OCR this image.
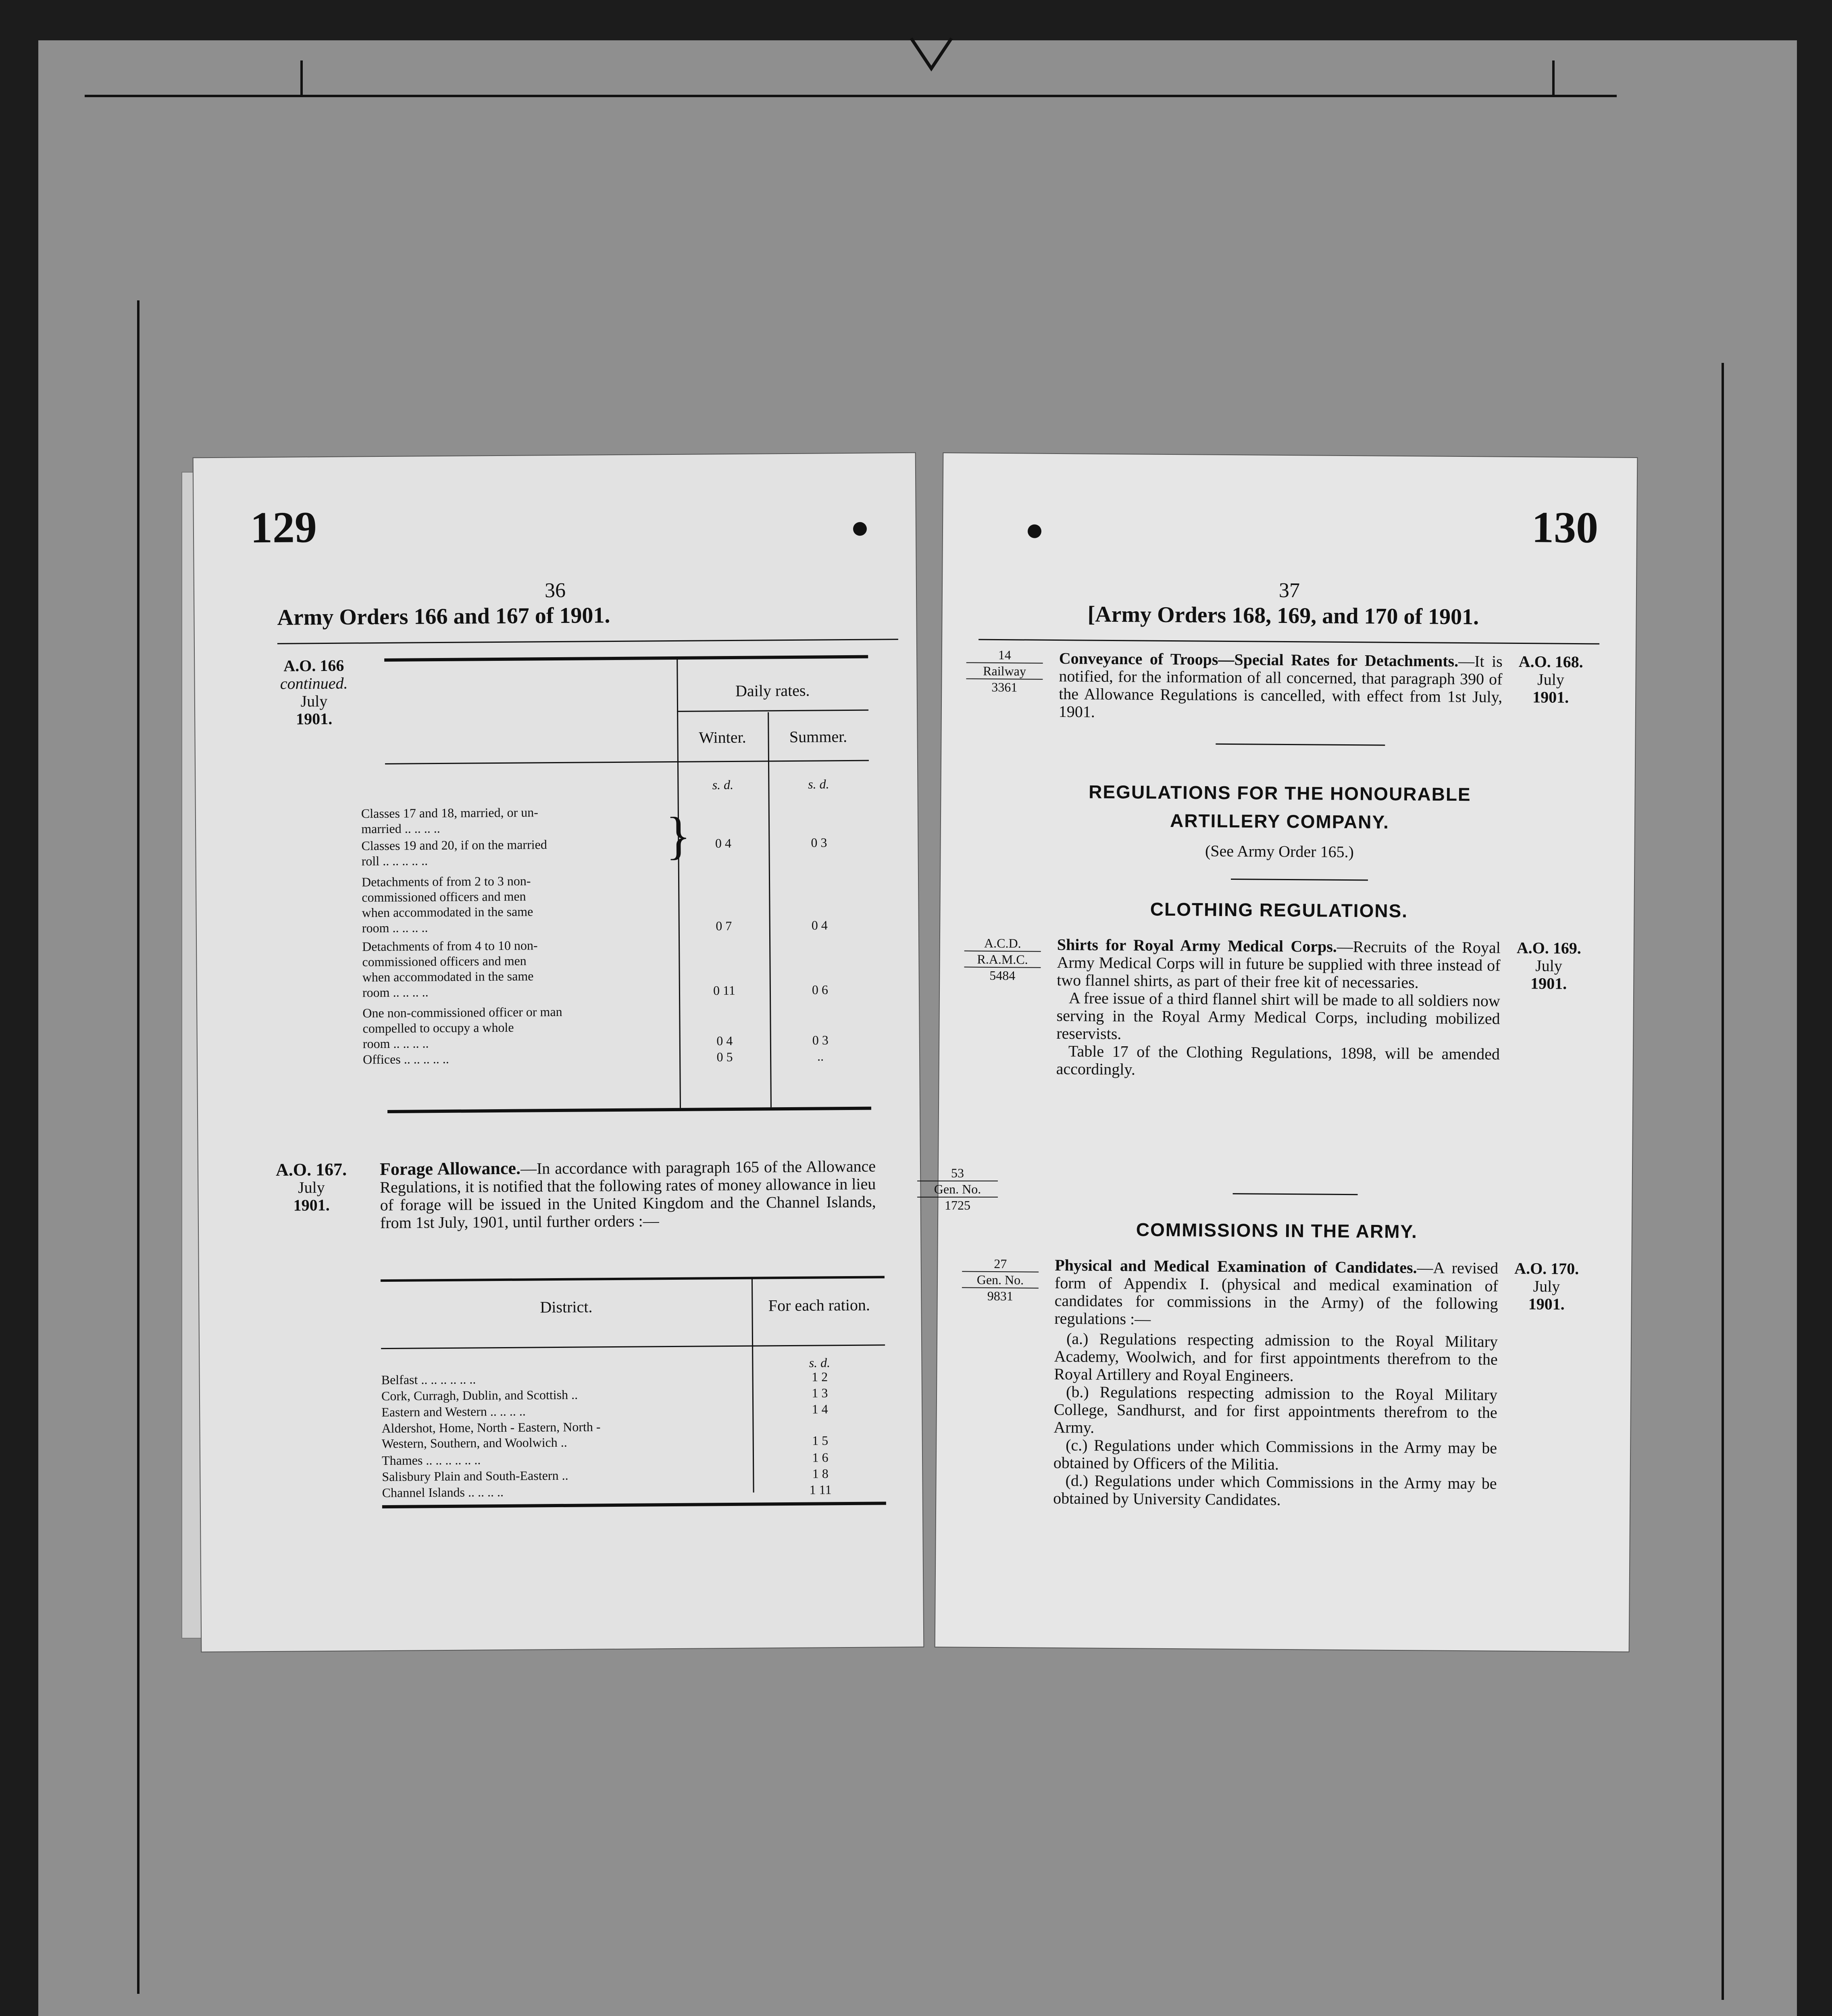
129
36
Army Orders 166 and 167 of 1901.
A.O. 166
continued.
July
1901.
Daily rates.
Winter.	Summer.
s. d.	s. d.
Classes 17 and 18, married, or un-
married .. .. .. ..
Classes 19 and 20, if on the married
roll .. .. .. .. ..	}	0 4	0 3
Detachments of from 2 to 3 non-
commissioned officers and men
when accommodated in the same
room .. .. .. ..	0 7	0 4
Detachments of from 4 to 10 non-
commissioned officers and men
when accommodated in the same
room .. .. .. ..	0 11	0 6
One non-commissioned officer or man
compelled to occupy a whole
room .. .. .. ..	0 4	0 3
Offices .. .. .. .. ..	0 5	..
A.O. 167.
July
1901.

Forage Allowance.—In accordance with paragraph 165 of the Allowance Regulations, it is notified that the following rates of money allowance in lieu of forage will be issued in the United Kingdom and the Channel Islands, from 1st July, 1901, until further orders :—

District.	For each ration.
s. d.
Belfast .. .. .. .. .. ..	1 2
Cork, Curragh, Dublin, and Scottish ..	1 3
Eastern and Western .. .. .. ..	1 4
Aldershot, Home, North - Eastern, North -
Western, Southern, and Woolwich ..	1 5
Thames .. .. .. .. .. ..	1 6
Salisbury Plain and South-Eastern ..	1 8
Channel Islands .. .. .. ..	1 11
130
37
[Army Orders 168, 169, and 170 of 1901.
14
Railway
3361

Conveyance of Troops—Special Rates for Detachments.—It is notified, for the information of all concerned, that paragraph 390 of the Allowance Regulations is cancelled, with effect from 1st July, 1901.

A.O. 168.
July
1901.
REGULATIONS FOR THE HONOURABLE
ARTILLERY COMPANY.
(See Army Order 165.)
CLOTHING REGULATIONS.
A.C.D.
R.A.M.C.
5484

Shirts for Royal Army Medical Corps.—Recruits of the Royal Army Medical Corps will in future be supplied with three instead of two flannel shirts, as part of their free kit of necessaries.

A free issue of a third flannel shirt will be made to all soldiers now serving in the Royal Army Medical Corps, including mobilized reservists.

Table 17 of the Clothing Regulations, 1898, will be amended accordingly.

A.O. 169.
July
1901.
COMMISSIONS IN THE ARMY.
27
Gen. No.
9831

Physical and Medical Examination of Candidates.—A revised form of Appendix I. (physical and medical examination of candidates for commissions in the Army) of the following regulations :—

(a.) Regulations respecting admission to the Royal Military Academy, Woolwich, and for first appointments therefrom to the Royal Artillery and Royal Engineers.

(b.) Regulations respecting admission to the Royal Military College, Sandhurst, and for first appointments therefrom to the Army.

(c.) Regulations under which Commissions in the Army may be obtained by Officers of the Militia.

(d.) Regulations under which Commissions in the Army may be obtained by University Candidates.

A.O. 170.
July
1901.
53
Gen. No.
1725
